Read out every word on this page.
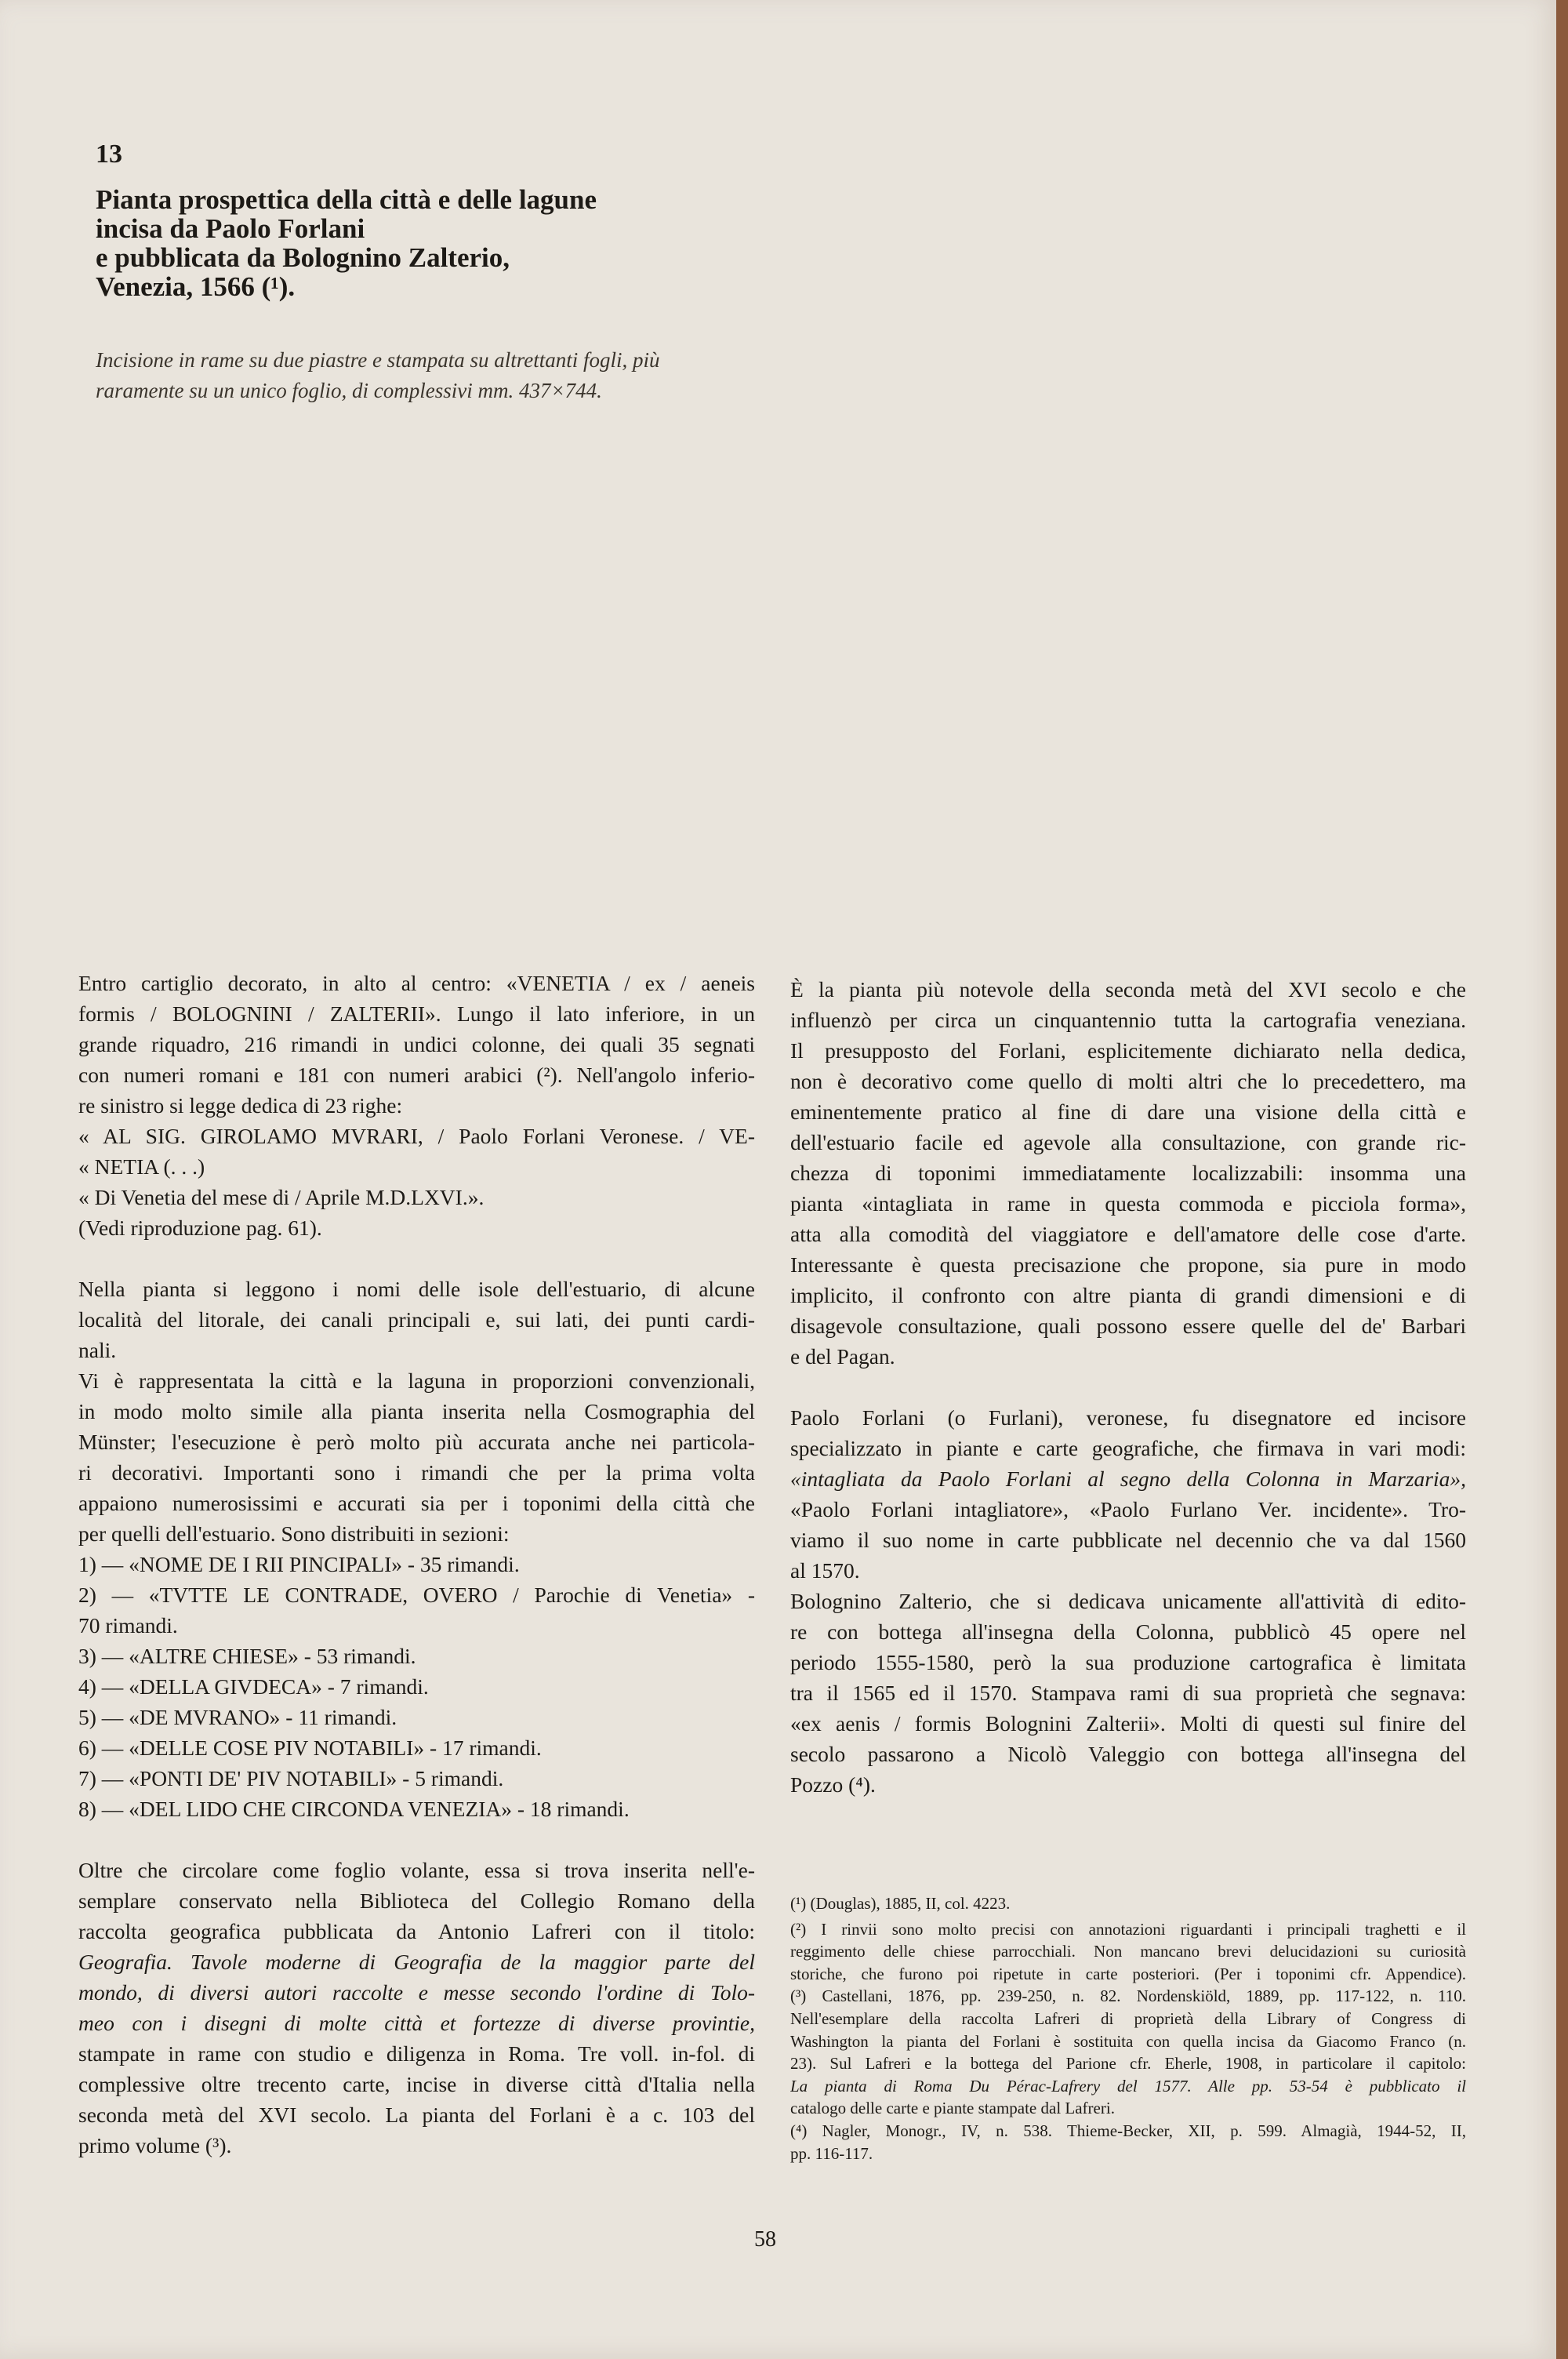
13
Pianta prospettica della città e delle lagune
incisa da Paolo Forlani
e pubblicata da Bolognino Zalterio,
Venezia, 1566 (¹).
Incisione in rame su due piastre e stampata su altrettanti fogli, più
raramente su un unico foglio, di complessivi mm. 437×744.

Entro cartiglio decorato, in alto al centro: «VENETIA / ex / aeneis
formis / BOLOGNINI / ZALTERII». Lungo il lato inferiore, in un
grande riquadro, 216 rimandi in undici colonne, dei quali 35 segnati
con numeri romani e 181 con numeri arabici (²). Nell'angolo inferio-
re sinistro si legge dedica di 23 righe:
« AL SIG. GIROLAMO MVRARI, / Paolo Forlani Veronese. / VE-
« NETIA (. . .)
« Di Venetia del mese di / Aprile M.D.LXVI.».
(Vedi riproduzione pag. 61).

Nella pianta si leggono i nomi delle isole dell'estuario, di alcune
località del litorale, dei canali principali e, sui lati, dei punti cardi-
nali.
Vi è rappresentata la città e la laguna in proporzioni convenzionali,
in modo molto simile alla pianta inserita nella Cosmographia del
Münster; l'esecuzione è però molto più accurata anche nei particola-
ri decorativi. Importanti sono i rimandi che per la prima volta
appaiono numerosissimi e accurati sia per i toponimi della città che
per quelli dell'estuario. Sono distribuiti in sezioni:
1) — «NOME DE I RII PINCIPALI» - 35 rimandi.
2) — «TVTTE LE CONTRADE, OVERO / Parochie di Venetia» -
70 rimandi.
3) — «ALTRE CHIESE» - 53 rimandi.
4) — «DELLA GIVDECA» - 7 rimandi.
5) — «DE MVRANO» - 11 rimandi.
6) — «DELLE COSE PIV NOTABILI» - 17 rimandi.
7) — «PONTI DE' PIV NOTABILI» - 5 rimandi.
8) — «DEL LIDO CHE CIRCONDA VENEZIA» - 18 rimandi.

Oltre che circolare come foglio volante, essa si trova inserita nell'e-
semplare conservato nella Biblioteca del Collegio Romano della
raccolta geografica pubblicata da Antonio Lafreri con il titolo:
Geografia. Tavole moderne di Geografia de la maggior parte del
mondo, di diversi autori raccolte e messe secondo l'ordine di Tolo-
meo con i disegni di molte città et fortezze di diverse provintie,
stampate in rame con studio e diligenza in Roma. Tre voll. in-fol. di
complessive oltre trecento carte, incise in diverse città d'Italia nella
seconda metà del XVI secolo. La pianta del Forlani è a c. 103 del
primo volume (³).

È la pianta più notevole della seconda metà del XVI secolo e che
influenzò per circa un cinquantennio tutta la cartografia veneziana.
Il presupposto del Forlani, esplicitemente dichiarato nella dedica,
non è decorativo come quello di molti altri che lo precedettero, ma
eminentemente pratico al fine di dare una visione della città e
dell'estuario facile ed agevole alla consultazione, con grande ric-
chezza di toponimi immediatamente localizzabili: insomma una
pianta «intagliata in rame in questa commoda e picciola forma»,
atta alla comodità del viaggiatore e dell'amatore delle cose d'arte.
Interessante è questa precisazione che propone, sia pure in modo
implicito, il confronto con altre pianta di grandi dimensioni e di
disagevole consultazione, quali possono essere quelle del de' Barbari
e del Pagan.

Paolo Forlani (o Furlani), veronese, fu disegnatore ed incisore
specializzato in piante e carte geografiche, che firmava in vari modi:
«intagliata da Paolo Forlani al segno della Colonna in Marzaria»,
«Paolo Forlani intagliatore», «Paolo Furlano Ver. incidente». Tro-
viamo il suo nome in carte pubblicate nel decennio che va dal 1560
al 1570.
Bolognino Zalterio, che si dedicava unicamente all'attività di edito-
re con bottega all'insegna della Colonna, pubblicò 45 opere nel
periodo 1555-1580, però la sua produzione cartografica è limitata
tra il 1565 ed il 1570. Stampava rami di sua proprietà che segnava:
«ex aenis / formis Bolognini Zalterii». Molti di questi sul finire del
secolo passarono a Nicolò Valeggio con bottega all'insegna del
Pozzo (⁴).

(¹) (Douglas), 1885, II, col. 4223.
(²) I rinvii sono molto precisi con annotazioni riguardanti i principali traghetti e il
reggimento delle chiese parrocchiali. Non mancano brevi delucidazioni su curiosità
storiche, che furono poi ripetute in carte posteriori. (Per i toponimi cfr. Appendice).
(³) Castellani, 1876, pp. 239-250, n. 82. Nordenskiöld, 1889, pp. 117-122, n. 110.
Nell'esemplare della raccolta Lafreri di proprietà della Library of Congress di
Washington la pianta del Forlani è sostituita con quella incisa da Giacomo Franco (n.
23). Sul Lafreri e la bottega del Parione cfr. Eherle, 1908, in particolare il capitolo:
La pianta di Roma Du Pérac-Lafrery del 1577. Alle pp. 53-54 è pubblicato il
catalogo delle carte e piante stampate dal Lafreri.
(⁴) Nagler, Monogr., IV, n. 538. Thieme-Becker, XII, p. 599. Almagià, 1944-52, II,
pp. 116-117.
58
